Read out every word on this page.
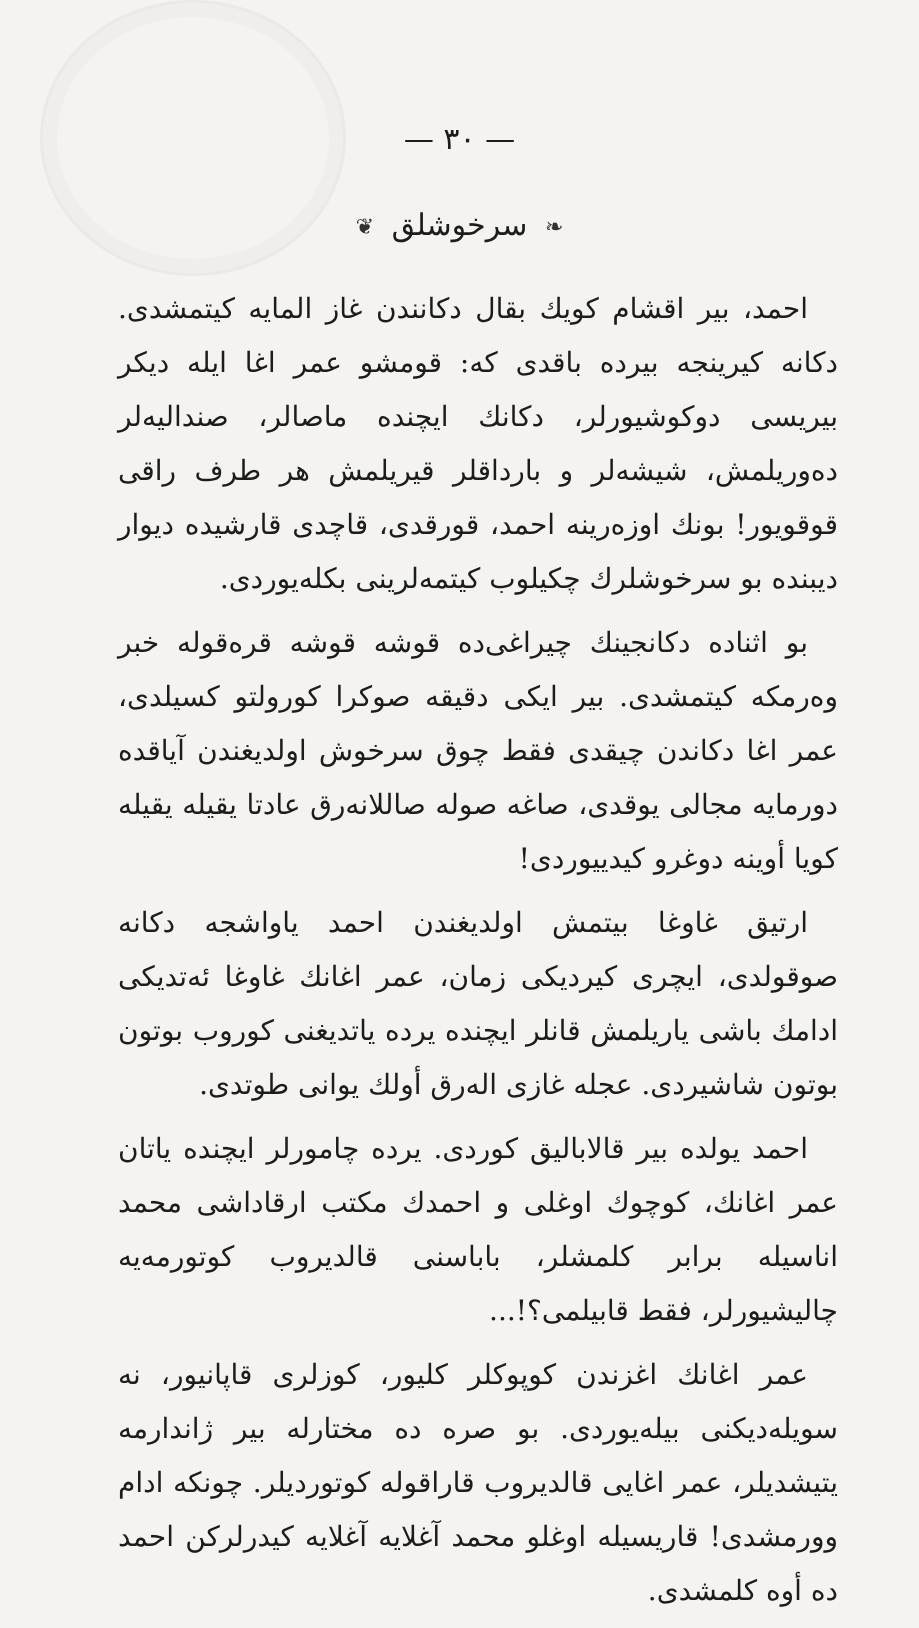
— ٣٠ —
❦ سرخوشلق ❧

احمد، بیر اقشام کویك بقال دکانندن غاز المایه کیتمشدی. دکانه کیرینجه بیرده باقدی که: قومشو عمر اغا ایله دیکر بیریسی دوکوشیورلر، دکانك ایچنده ماصالر، صندالیه‌لر دەوریلمش، شیشه‌لر و بارداقلر قیریلمش هر طرف راقی قوقویور! بونك اوزه‌رینه احمد، قورقدی، قاچدی قارشیده دیوار دیبنده بو سرخوشلرك چکیلوب کیتمه‌لرینی بکله‌یوردی.

بو اثناده دکانجینك چیراغی‌ده قوشه قوشه قره‌قوله خبر وه‌رمکه کیتمشدی. بیر ایکی دقیقه صوکرا کورولتو کسیلدی، عمر اغا دکاندن چیقدی فقط چوق سرخوش اولدیغندن آیاقده دورمایه مجالی یوقدی، صاغه صوله صاللانه‌رق عادتا یقیله یقیله کویا أوینه دوغرو کیدییوردی!

ارتیق غاوغا بیتمش اولدیغندن احمد یاواشجه دکانه صوقولدی، ایچری کیردیکی زمان، عمر اغانك غاوغا ئەتدیکی ادامك باشی یاریلمش قانلر ایچنده یرده یاتدیغنی کوروب بوتون بوتون شاشیردی. عجله غازی الەرق أولك یوانی طوتدی.

احمد یولده بیر قالابالیق کوردی. یرده چامورلر ایچنده یاتان عمر اغانك، کوچوك اوغلی و احمدك مکتب ارقاداشی محمد اناسیله برابر کلمشلر، باباسنی قالدیروب کوتورمه‌یه چالیشیورلر، فقط قابیلمی؟!...

عمر اغانك اغزندن کوپوکلر کلیور، کوزلری قاپانیور، نه سویله‌دیکنی بیله‌یوردی. بو صره ده مختارله بیر ژاندارمه یتیشدیلر، عمر اغایی قالدیروب قاراقوله کوتوردیلر. چونکه ادام وورمشدی! قاریسیله اوغلو محمد آغلایه آغلایه کیدرلرکن احمد ده أوه کلمشدی.
